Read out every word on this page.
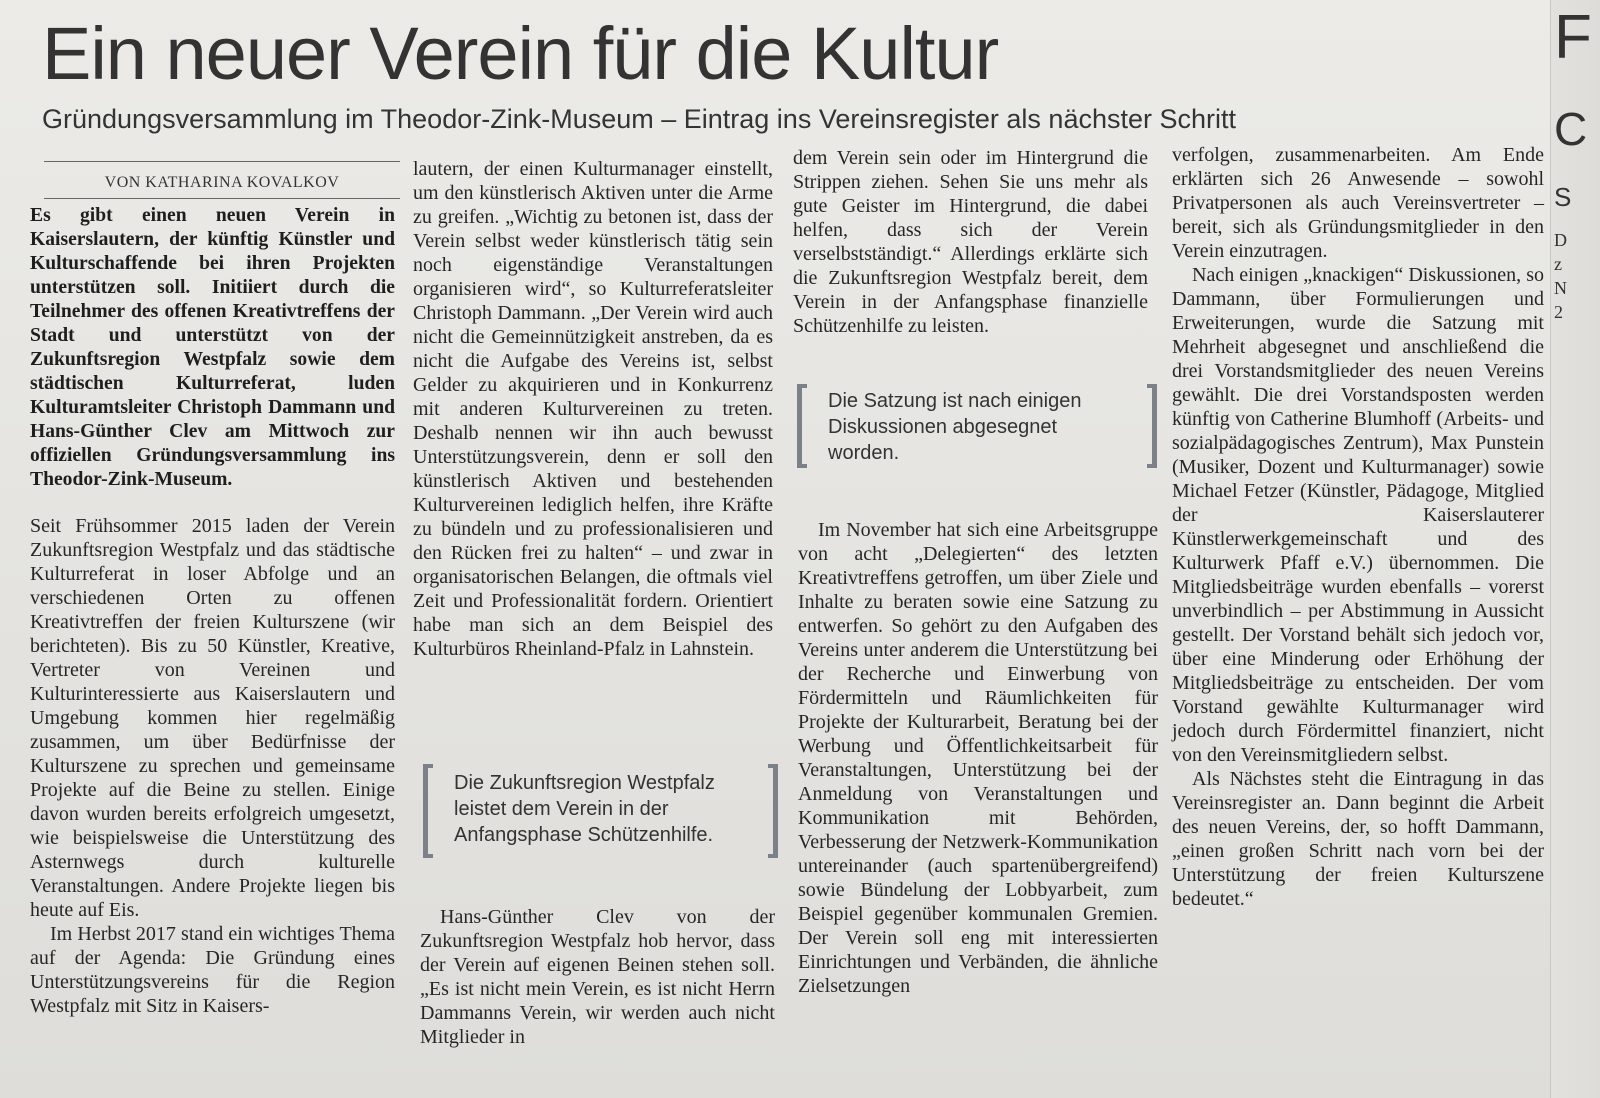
Ein neuer Verein für die Kultur
Gründungsversammlung im Theodor-Zink-Museum – Eintrag ins Vereinsregister als nächster Schritt
VON KATHARINA KOVALKOV

Es gibt einen neuen Verein in Kaiserslautern, der künftig Künstler und Kulturschaffende bei ihren Projekten unterstützen soll. Initiiert durch die Teilnehmer des offenen Kreativtreffens der Stadt und unterstützt von der Zukunftsregion Westpfalz sowie dem städtischen Kulturreferat, luden Kulturamtsleiter Christoph Dammann und Hans-Günther Clev am Mittwoch zur offiziellen Gründungsversammlung ins Theodor-Zink-Museum.

Seit Frühsommer 2015 laden der Verein Zukunftsregion Westpfalz und das städtische Kulturreferat in loser Abfolge und an verschiedenen Orten zu offenen Kreativtreffen der freien Kulturszene (wir berichteten). Bis zu 50 Künstler, Kreative, Vertreter von Vereinen und Kulturinteressierte aus Kaiserslautern und Umgebung kommen hier regelmäßig zusammen, um über Bedürfnisse der Kulturszene zu sprechen und gemeinsame Projekte auf die Beine zu stellen. Einige davon wurden bereits erfolgreich umgesetzt, wie beispielsweise die Unterstützung des Asternwegs durch kulturelle Veranstaltungen. Andere Projekte liegen bis heute auf Eis.

Im Herbst 2017 stand ein wichtiges Thema auf der Agenda: Die Gründung eines Unterstützungsvereins für die Region Westpfalz mit Sitz in Kaisers-

lautern, der einen Kulturmanager einstellt, um den künstlerisch Aktiven unter die Arme zu greifen. „Wichtig zu betonen ist, dass der Verein selbst weder künstlerisch tätig sein noch eigenständige Veranstaltungen organisieren wird“, so Kulturreferatsleiter Christoph Dammann. „Der Verein wird auch nicht die Gemeinnützigkeit anstreben, da es nicht die Aufgabe des Vereins ist, selbst Gelder zu akquirieren und in Konkurrenz mit anderen Kulturvereinen zu treten. Deshalb nennen wir ihn auch bewusst Unterstützungsverein, denn er soll den künstlerisch Aktiven und bestehenden Kulturvereinen lediglich helfen, ihre Kräfte zu bündeln und zu professionalisieren und den Rücken frei zu halten“ – und zwar in organisatorischen Belangen, die oftmals viel Zeit und Professionalität fordern. Orientiert habe man sich an dem Beispiel des Kulturbüros Rheinland-Pfalz in Lahnstein.

Die Zukunftsregion Westpfalz leistet dem Verein in der Anfangsphase Schützenhilfe.

Hans-Günther Clev von der Zukunftsregion Westpfalz hob hervor, dass der Verein auf eigenen Beinen stehen soll. „Es ist nicht mein Verein, es ist nicht Herrn Dammanns Verein, wir werden auch nicht Mitglieder in

dem Verein sein oder im Hintergrund die Strippen ziehen. Sehen Sie uns mehr als gute Geister im Hintergrund, die dabei helfen, dass sich der Verein verselbstständigt.“ Allerdings erklärte sich die Zukunftsregion Westpfalz bereit, dem Verein in der Anfangsphase finanzielle Schützenhilfe zu leisten.

Die Satzung ist nach einigen Diskussionen abgesegnet worden.

Im November hat sich eine Arbeitsgruppe von acht „Delegierten“ des letzten Kreativtreffens getroffen, um über Ziele und Inhalte zu beraten sowie eine Satzung zu entwerfen. So gehört zu den Aufgaben des Vereins unter anderem die Unterstützung bei der Recherche und Einwerbung von Fördermitteln und Räumlichkeiten für Projekte der Kulturarbeit, Beratung bei der Werbung und Öffentlichkeitsarbeit für Veranstaltungen, Unterstützung bei der Anmeldung von Veranstaltungen und Kommunikation mit Behörden, Verbesserung der Netzwerk-Kommunikation untereinander (auch spartenübergreifend) sowie Bündelung der Lobbyarbeit, zum Beispiel gegenüber kommunalen Gremien. Der Verein soll eng mit interessierten Einrichtungen und Verbänden, die ähnliche Zielsetzungen

verfolgen, zusammenarbeiten. Am Ende erklärten sich 26 Anwesende – sowohl Privatpersonen als auch Vereinsvertreter – bereit, sich als Gründungsmitglieder in den Verein einzutragen.

Nach einigen „knackigen“ Diskussionen, so Dammann, über Formulierungen und Erweiterungen, wurde die Satzung mit Mehrheit abgesegnet und anschließend die drei Vorstandsmitglieder des neuen Vereins gewählt. Die drei Vorstandsposten werden künftig von Catherine Blumhoff (Arbeits- und sozialpädagogisches Zentrum), Max Punstein (Musiker, Dozent und Kulturmanager) sowie Michael Fetzer (Künstler, Pädagoge, Mitglied der Kaiserslauterer Künstlerwerkgemeinschaft und des Kulturwerk Pfaff e.V.) übernommen. Die Mitgliedsbeiträge wurden ebenfalls – vorerst unverbindlich – per Abstimmung in Aussicht gestellt. Der Vorstand behält sich jedoch vor, über eine Minderung oder Erhöhung der Mitgliedsbeiträge zu entscheiden. Der vom Vorstand gewählte Kulturmanager wird jedoch durch Fördermittel finanziert, nicht von den Vereinsmitgliedern selbst.

Als Nächstes steht die Eintragung in das Vereinsregister an. Dann beginnt die Arbeit des neuen Vereins, der, so hofft Dammann, „einen großen Schritt nach vorn bei der Unterstützung der freien Kulturszene bedeutet.“

F

C

S

D

z

N

2
